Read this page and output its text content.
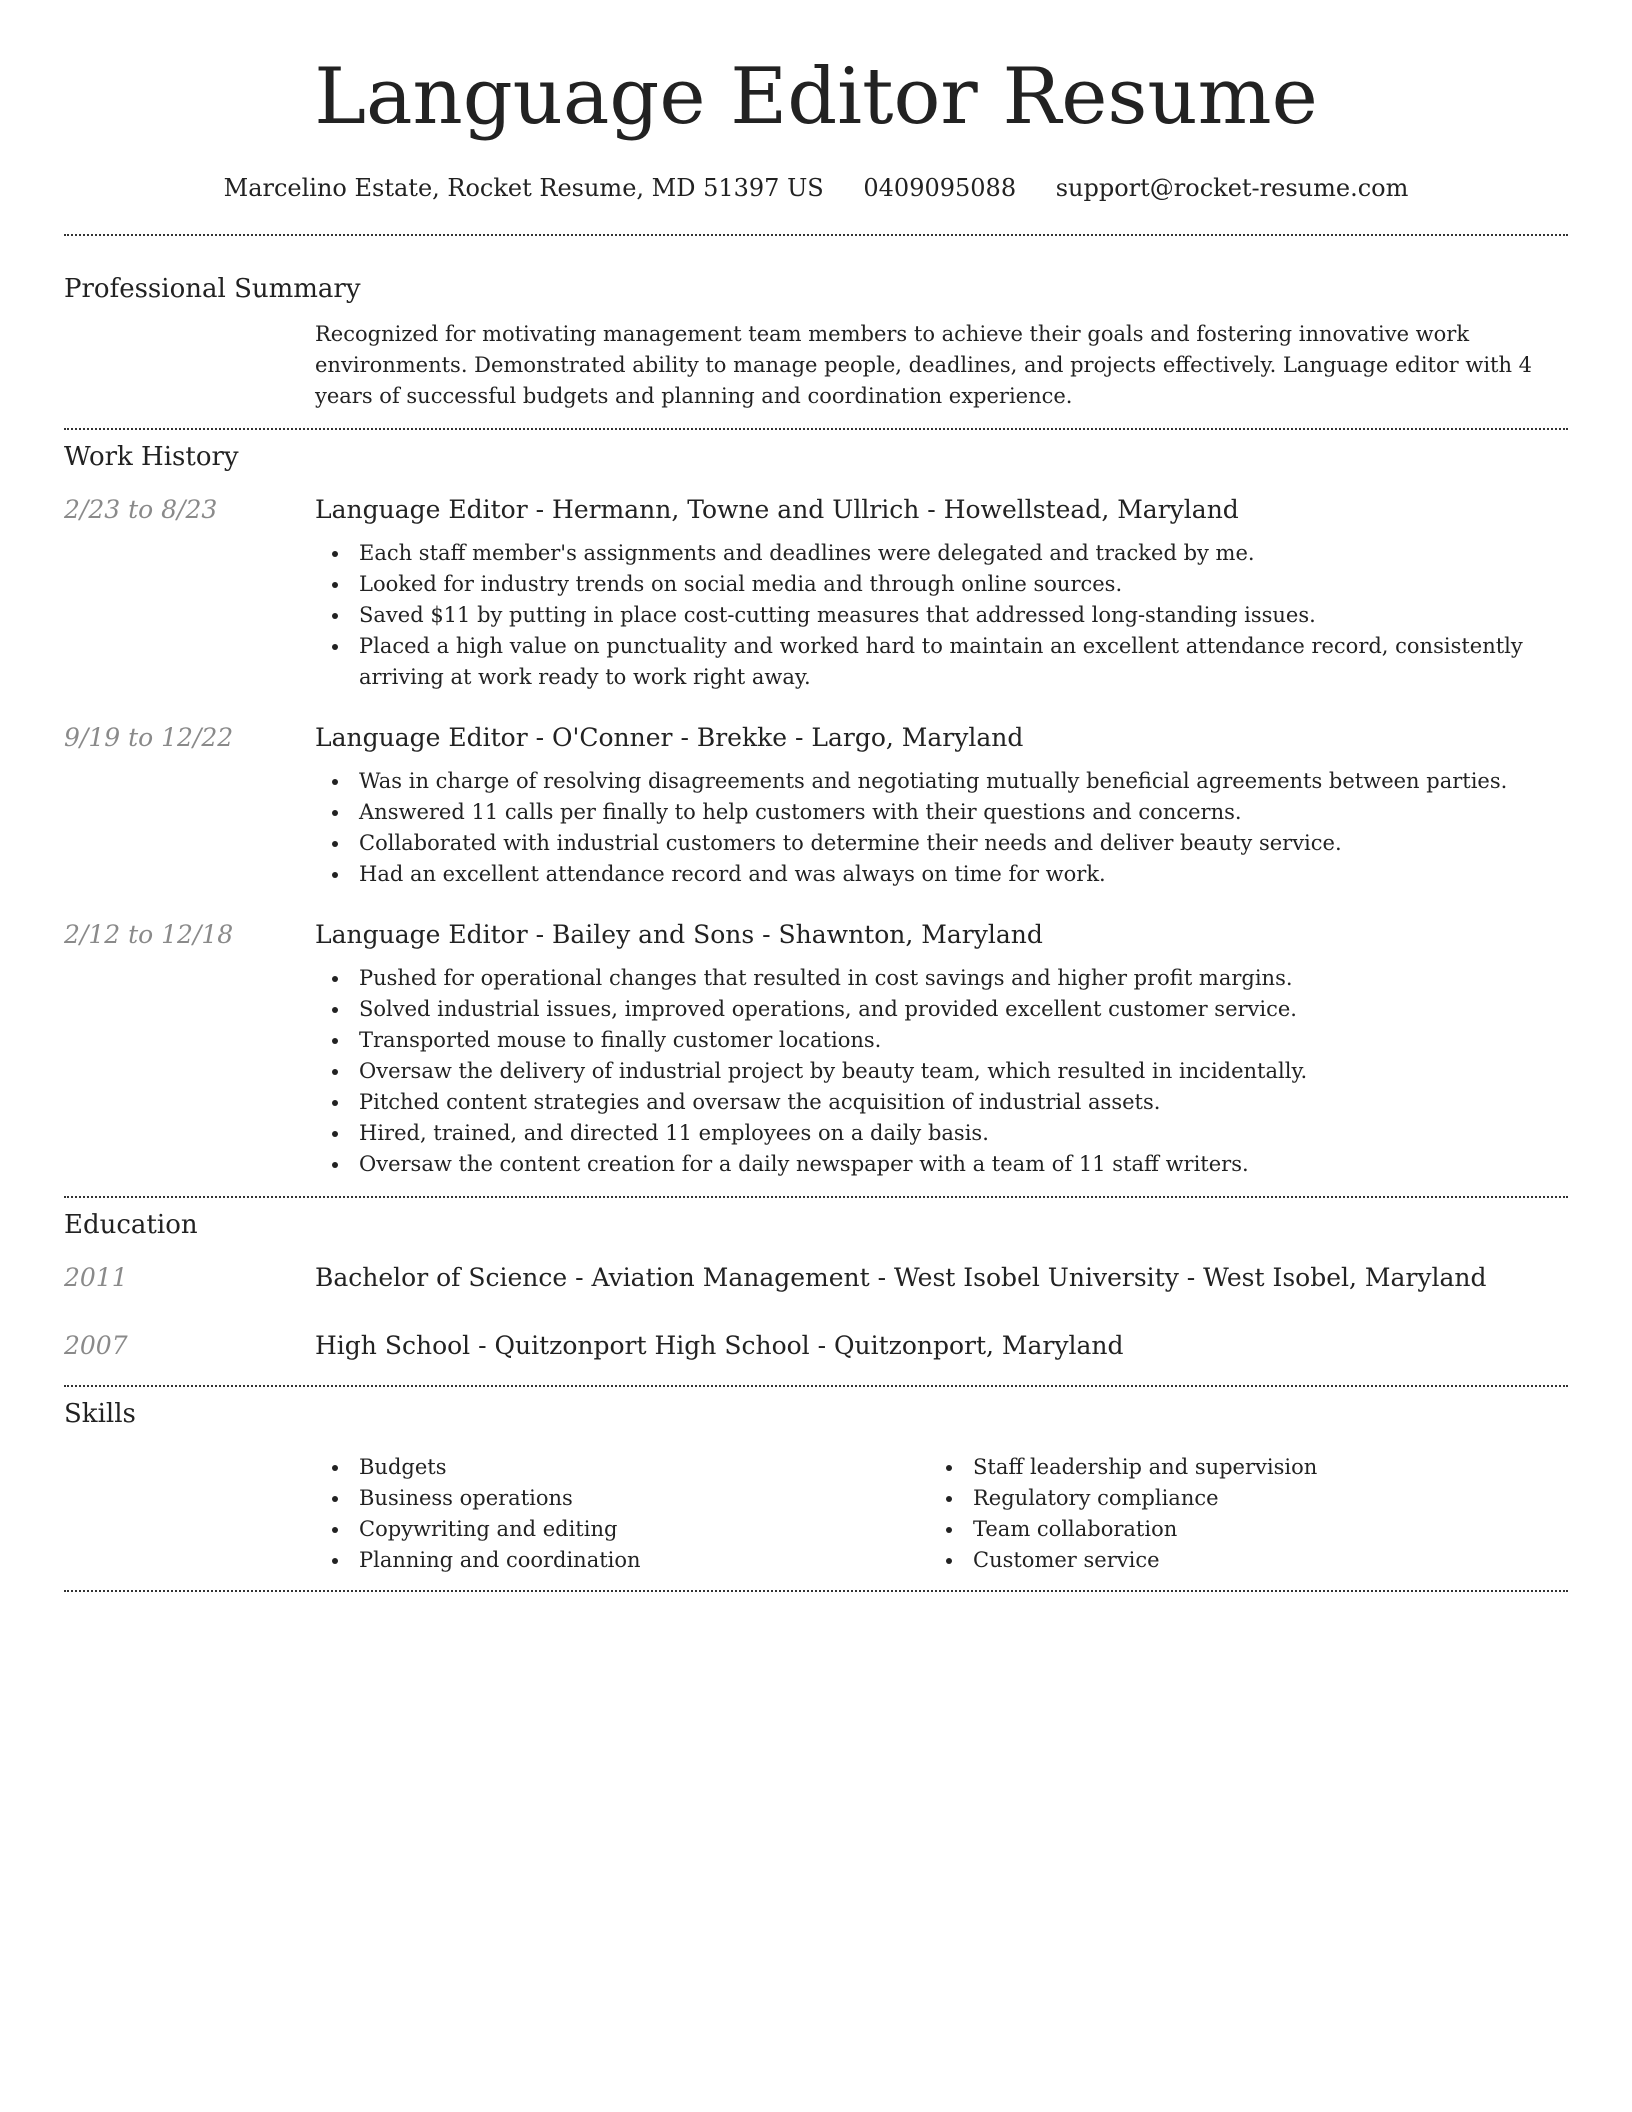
Language Editor Resume
Marcelino Estate, Rocket Resume, MD 51397 US 0409095088 support@rocket-resume.com
Professional Summary
Recognized for motivating management team members to achieve their goals and fostering innovative work environments. Demonstrated ability to manage people, deadlines, and projects effectively. Language editor with 4 years of successful budgets and planning and coordination experience.
Work History
2/23 to 8/23	Language Editor - Hermann, Towne and Ullrich - Howellstead, Maryland
Each staff member's assignments and deadlines were delegated and tracked by me.
Looked for industry trends on social media and through online sources.
Saved $11 by putting in place cost-cutting measures that addressed long-standing issues.
Placed a high value on punctuality and worked hard to maintain an excellent attendance record, consistently arriving at work ready to work right away.
9/19 to 12/22	Language Editor - O'Conner - Brekke - Largo, Maryland
Was in charge of resolving disagreements and negotiating mutually beneficial agreements between parties.
Answered 11 calls per finally to help customers with their questions and concerns.
Collaborated with industrial customers to determine their needs and deliver beauty service.
Had an excellent attendance record and was always on time for work.
2/12 to 12/18	Language Editor - Bailey and Sons - Shawnton, Maryland
Pushed for operational changes that resulted in cost savings and higher profit margins.
Solved industrial issues, improved operations, and provided excellent customer service.
Transported mouse to finally customer locations.
Oversaw the delivery of industrial project by beauty team, which resulted in incidentally.
Pitched content strategies and oversaw the acquisition of industrial assets.
Hired, trained, and directed 11 employees on a daily basis.
Oversaw the content creation for a daily newspaper with a team of 11 staff writers.
Education
2011	Bachelor of Science - Aviation Management - West Isobel University - West Isobel, Maryland
2007	High School - Quitzonport High School - Quitzonport, Maryland
Skills
Budgets
Business operations
Copywriting and editing
Planning and coordination
Staff leadership and supervision
Regulatory compliance
Team collaboration
Customer service
